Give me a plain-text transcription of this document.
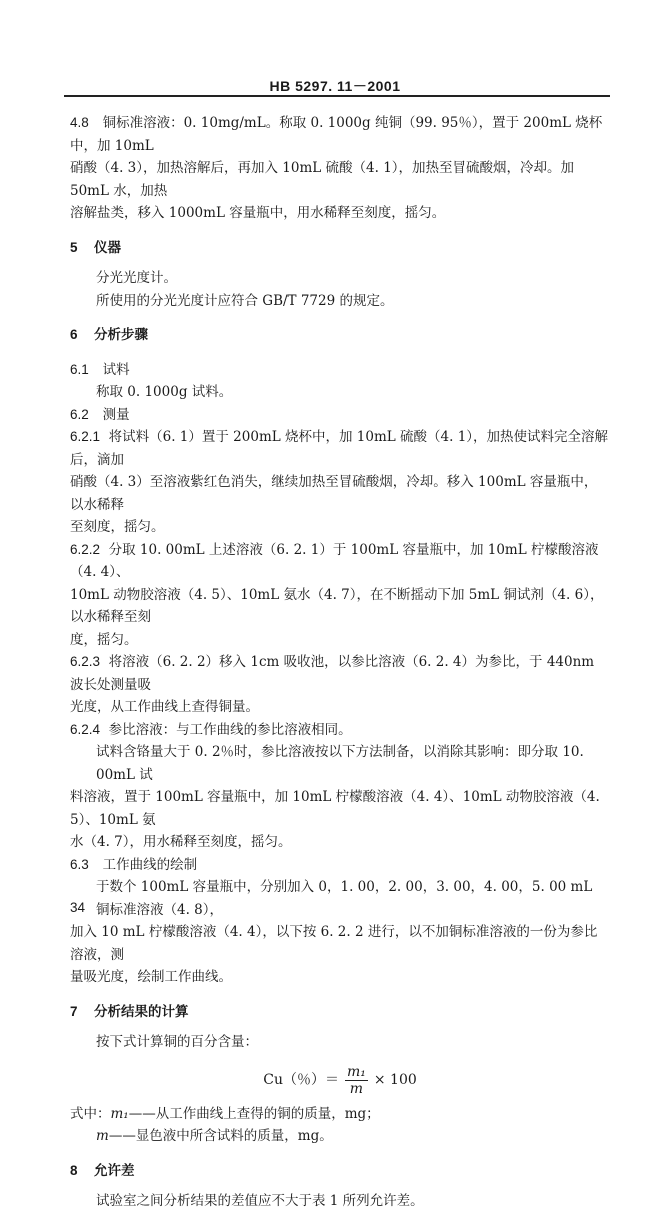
HB 5297. 11－2001

4.8 铜标准溶液：0. 10mg/mL。称取 0. 1000g 纯铜（99. 95％），置于 200mL 烧杯中，加 10mL

硝酸（4. 3），加热溶解后，再加入 10mL 硫酸（4. 1），加热至冒硫酸烟，冷却。加 50mL 水，加热

溶解盐类，移入 1000mL 容量瓶中，用水稀释至刻度，摇匀。

5 仪器

分光光度计。

所使用的分光光度计应符合 GB/T 7729 的规定。

6 分析步骤

6.1 试料

称取 0. 1000g 试料。

6.2 测量

6.2.1 将试料（6. 1）置于 200mL 烧杯中，加 10mL 硫酸（4. 1），加热使试料完全溶解后，滴加

硝酸（4. 3）至溶液紫红色消失，继续加热至冒硫酸烟，冷却。移入 100mL 容量瓶中，以水稀释

至刻度，摇匀。

6.2.2 分取 10. 00mL 上述溶液（6. 2. 1）于 100mL 容量瓶中，加 10mL 柠檬酸溶液（4. 4）、

10mL 动物胶溶液（4. 5）、10mL 氨水（4. 7），在不断摇动下加 5mL 铜试剂（4. 6），以水稀释至刻

度，摇匀。

6.2.3 将溶液（6. 2. 2）移入 1cm 吸收池，以参比溶液（6. 2. 4）为参比，于 440nm 波长处测量吸

光度，从工作曲线上查得铜量。

6.2.4 参比溶液：与工作曲线的参比溶液相同。

试料含铬量大于 0. 2％时，参比溶液按以下方法制备，以消除其影响：即分取 10. 00mL 试

料溶液，置于 100mL 容量瓶中，加 10mL 柠檬酸溶液（4. 4）、10mL 动物胶溶液（4. 5）、10mL 氨

水（4. 7），用水稀释至刻度，摇匀。

6.3 工作曲线的绘制

于数个 100mL 容量瓶中，分别加入 0，1. 00，2. 00，3. 00，4. 00，5. 00 mL 铜标准溶液（4. 8），

加入 10 mL 柠檬酸溶液（4. 4），以下按 6. 2. 2 进行，以不加铜标准溶液的一份为参比溶液，测

量吸光度，绘制工作曲线。

7 分析结果的计算

按下式计算铜的百分含量：

Cu（％）＝ $\frac{\text{m₁}}{m} \times 100$

式中：m₁——从工作曲线上查得的铜的质量，mg；

m——显色液中所含试料的质量，mg。

8 允许差

试验室之间分析结果的差值应不大于表 1 所列允许差。

34
